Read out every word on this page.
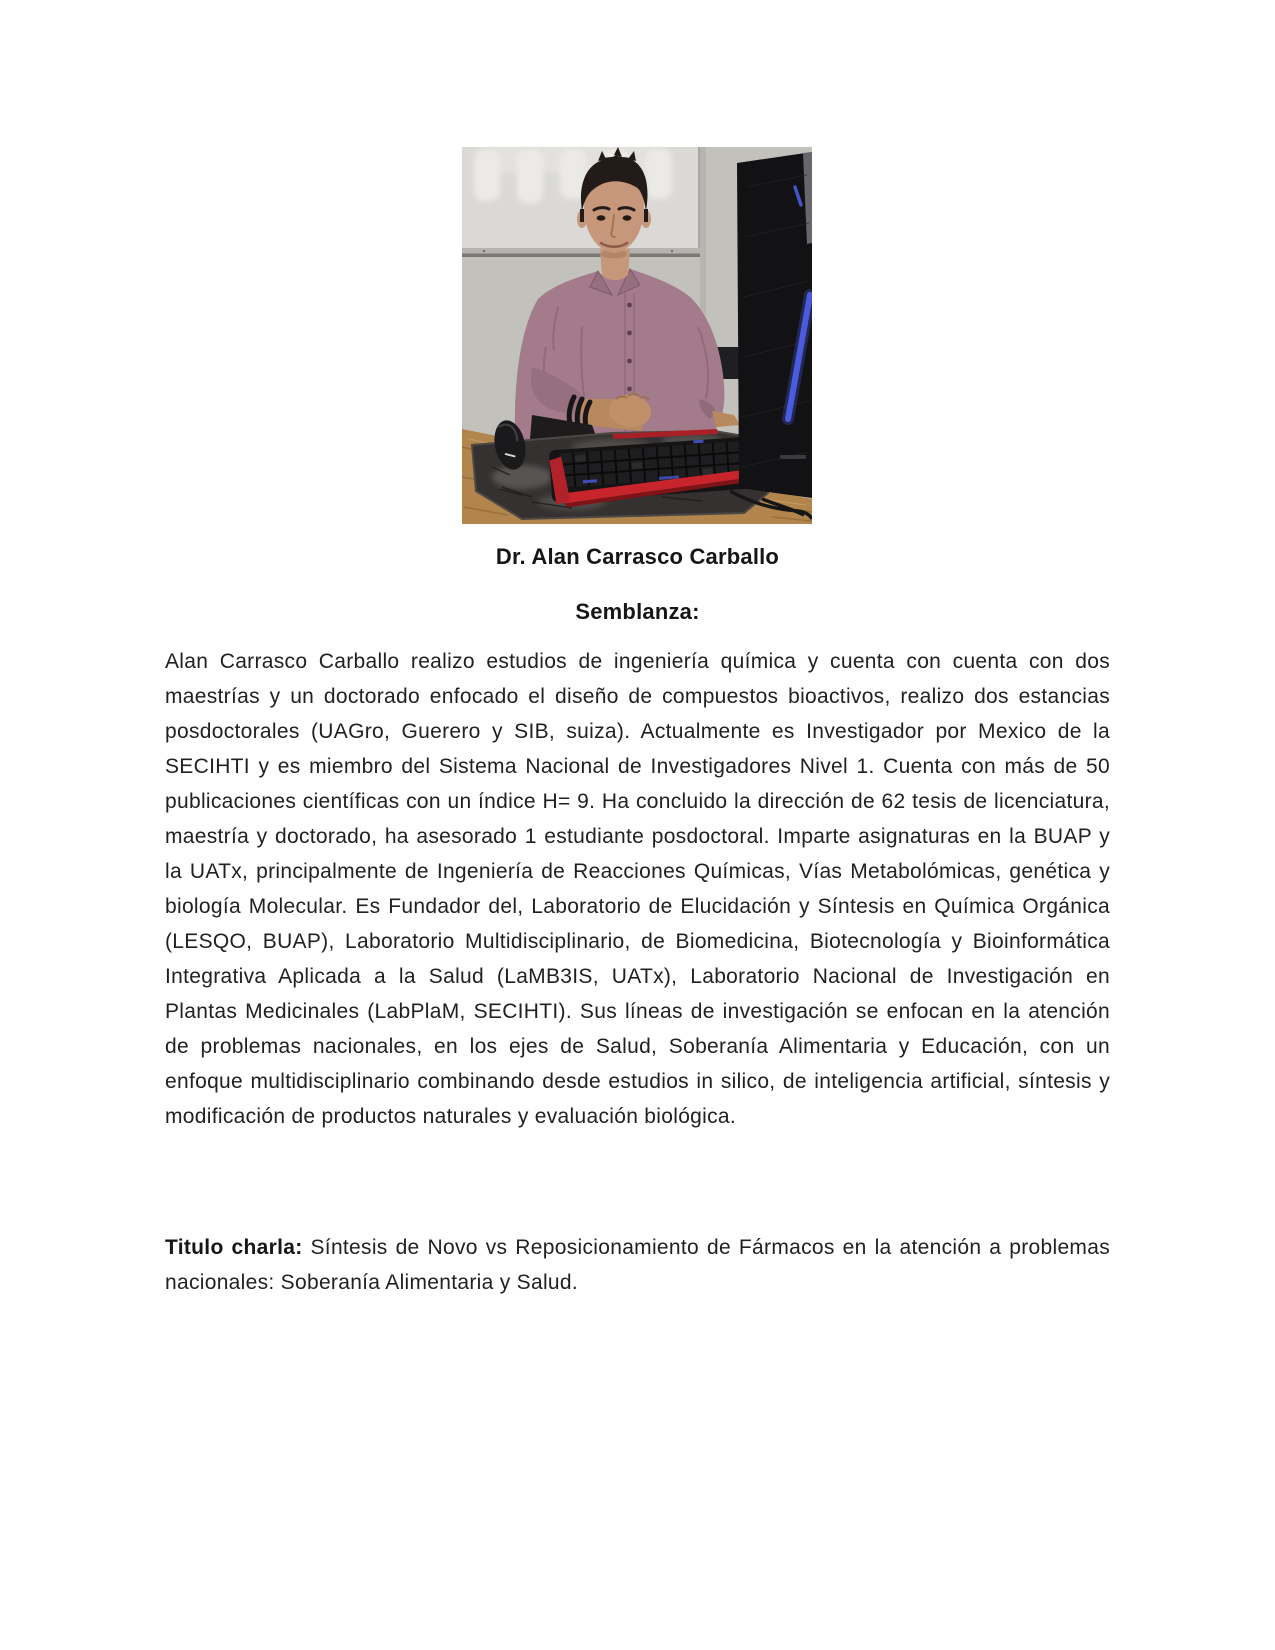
Dr. Alan Carrasco Carballo
Semblanza:

Alan Carrasco Carballo realizo estudios de ingeniería química y cuenta con cuenta con dos maestrías y un doctorado enfocado el diseño de compuestos bioactivos, realizo dos estancias posdoctorales (UAGro, Guerero y SIB, suiza). Actualmente es Investigador por Mexico de la SECIHTI y es miembro del Sistema Nacional de Investigadores Nivel 1. Cuenta con más de 50 publicaciones científicas con un índice H= 9. Ha concluido la dirección de 62 tesis de licenciatura, maestría y doctorado, ha asesorado 1 estudiante posdoctoral. Imparte asignaturas en la BUAP y la UATx, principalmente de Ingeniería de Reacciones Químicas, Vías Metabolómicas, genética y biología Molecular. Es Fundador del, Laboratorio de Elucidación y Síntesis en Química Orgánica (LESQO, BUAP), Laboratorio Multidisciplinario, de Biomedicina, Biotecnología y Bioinformática Integrativa Aplicada a la Salud (LaMB3IS, UATx), Laboratorio Nacional de Investigación en Plantas Medicinales (LabPlaM, SECIHTI). Sus líneas de investigación se enfocan en la atención de problemas nacionales, en los ejes de Salud, Soberanía Alimentaria y Educación, con un enfoque multidisciplinario combinando desde estudios in silico, de inteligencia artificial, síntesis y modificación de productos naturales y evaluación biológica.

Titulo charla: Síntesis de Novo vs Reposicionamiento de Fármacos en la atención a problemas nacionales: Soberanía Alimentaria y Salud.
